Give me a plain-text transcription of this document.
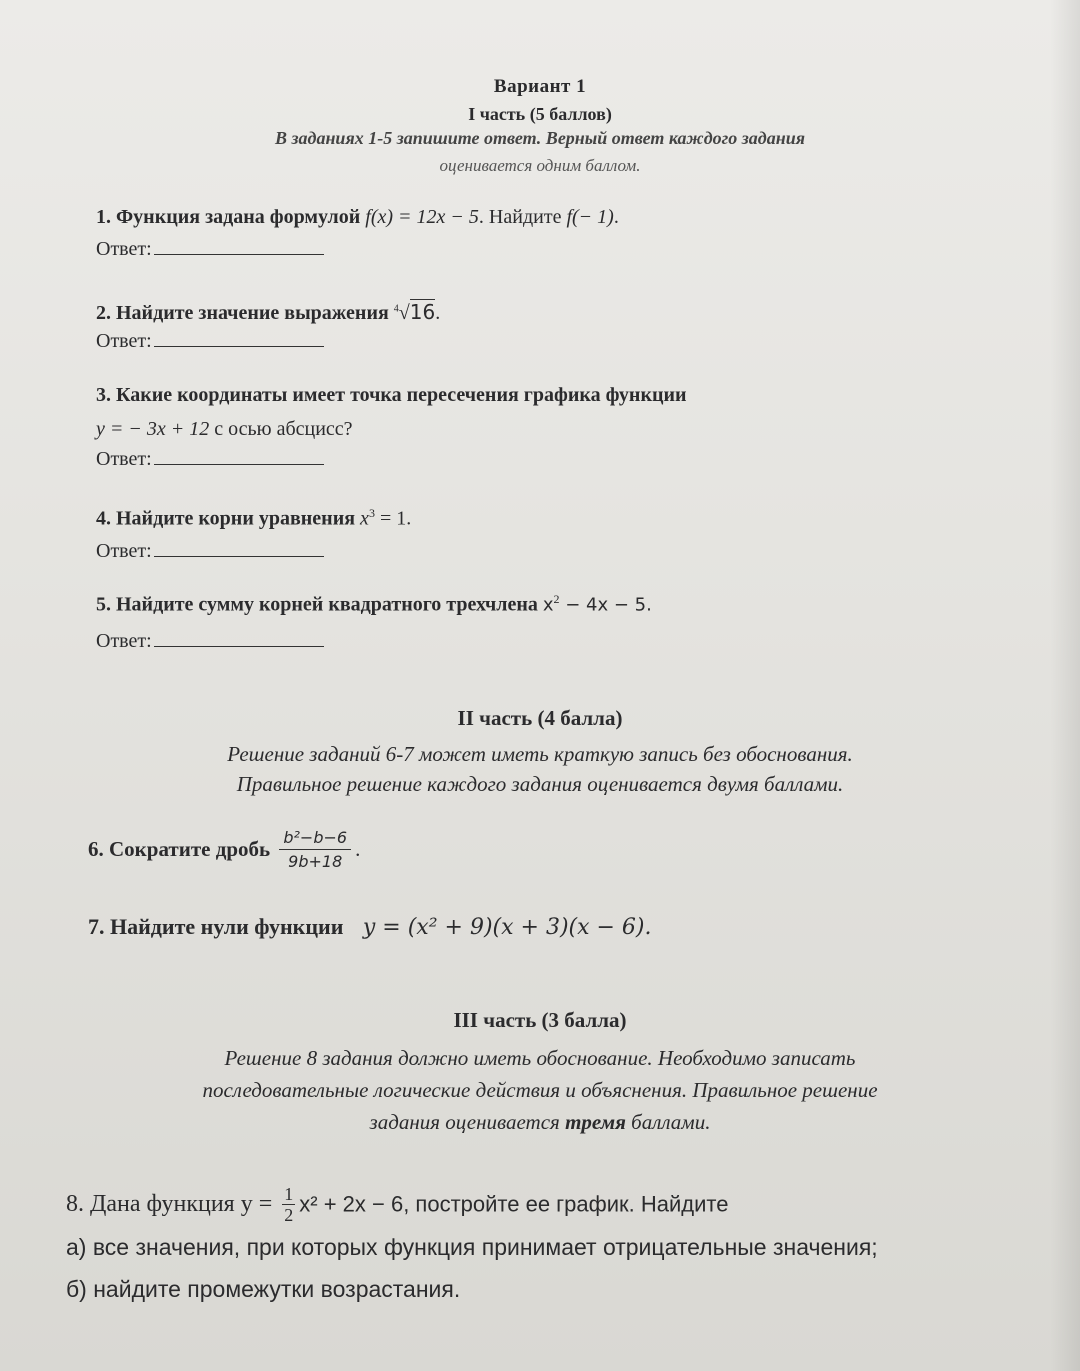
Вариант 1
I часть (5 баллов)
В заданиях 1-5 запишите ответ. Верный ответ каждого задания
оценивается одним баллом.
1. Функция задана формулой f(x) = 12x − 5. Найдите f(− 1).
Ответ:
2. Найдите значение выражения $^4$√16.
Ответ:
3. Какие координаты имеет точка пересечения графика функции
y = − 3x + 12 с осью абсцисс?
Ответ:
4. Найдите корни уравнения $x^3 = 1$.
Ответ:
5. Найдите сумму корней квадратного трехчлена $x^2 - 4x - 5$.
Ответ:
II часть (4 балла)
Решение заданий 6-7 может иметь краткую запись без обоснования.
Правильное решение каждого задания оценивается двумя баллами.
6. Сократите дробь $\frac{\text{b²−b−6}}{9b+18}$ .
7. Найдите нули функции y = (x² + 9)(x + 3)(x − 6).
III часть (3 балла)
Решение 8 задания должно иметь обоснование. Необходимо записать
последовательные логические действия и объяснения. Правильное решение
задания оценивается тремя баллами.
8. Дана функция $y = \frac{1}{2} x^2 + 2x - 6$, постройте ее график. Найдите
а) все значения, при которых функция принимает отрицательные значения;
б) найдите промежутки возрастания.
